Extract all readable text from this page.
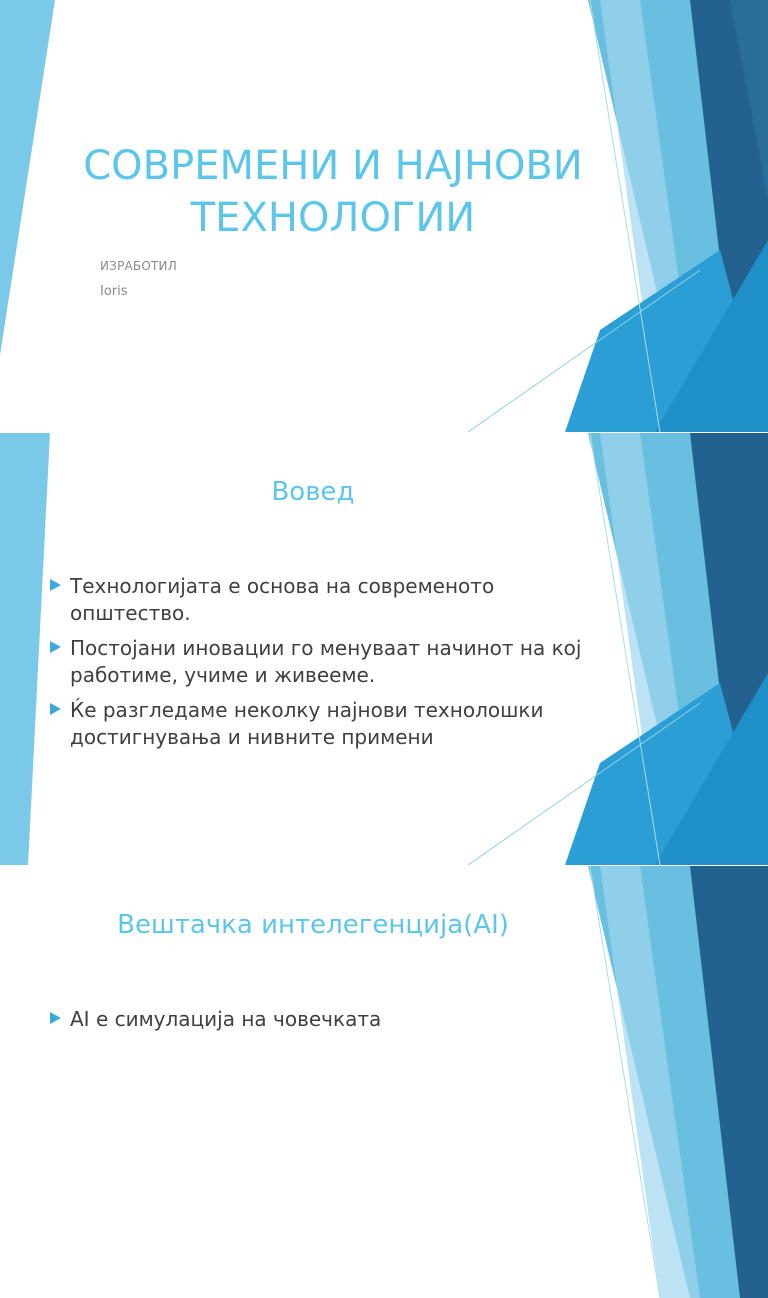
СОВРЕМЕНИ И НАЈНОВИ
ТЕХНОЛОГИИ
ИЗРАБОТИЛ
Ioris
Вовед
Технологијата е основа на современото општество.
Постојани иновации го менуваат начинот на кој работиме, учиме и живееме.
Ќе разгледаме неколку најнови технолошки достигнувања и нивните примени
Вештачка интелегенција(AI)
AI е симулација на човечката
